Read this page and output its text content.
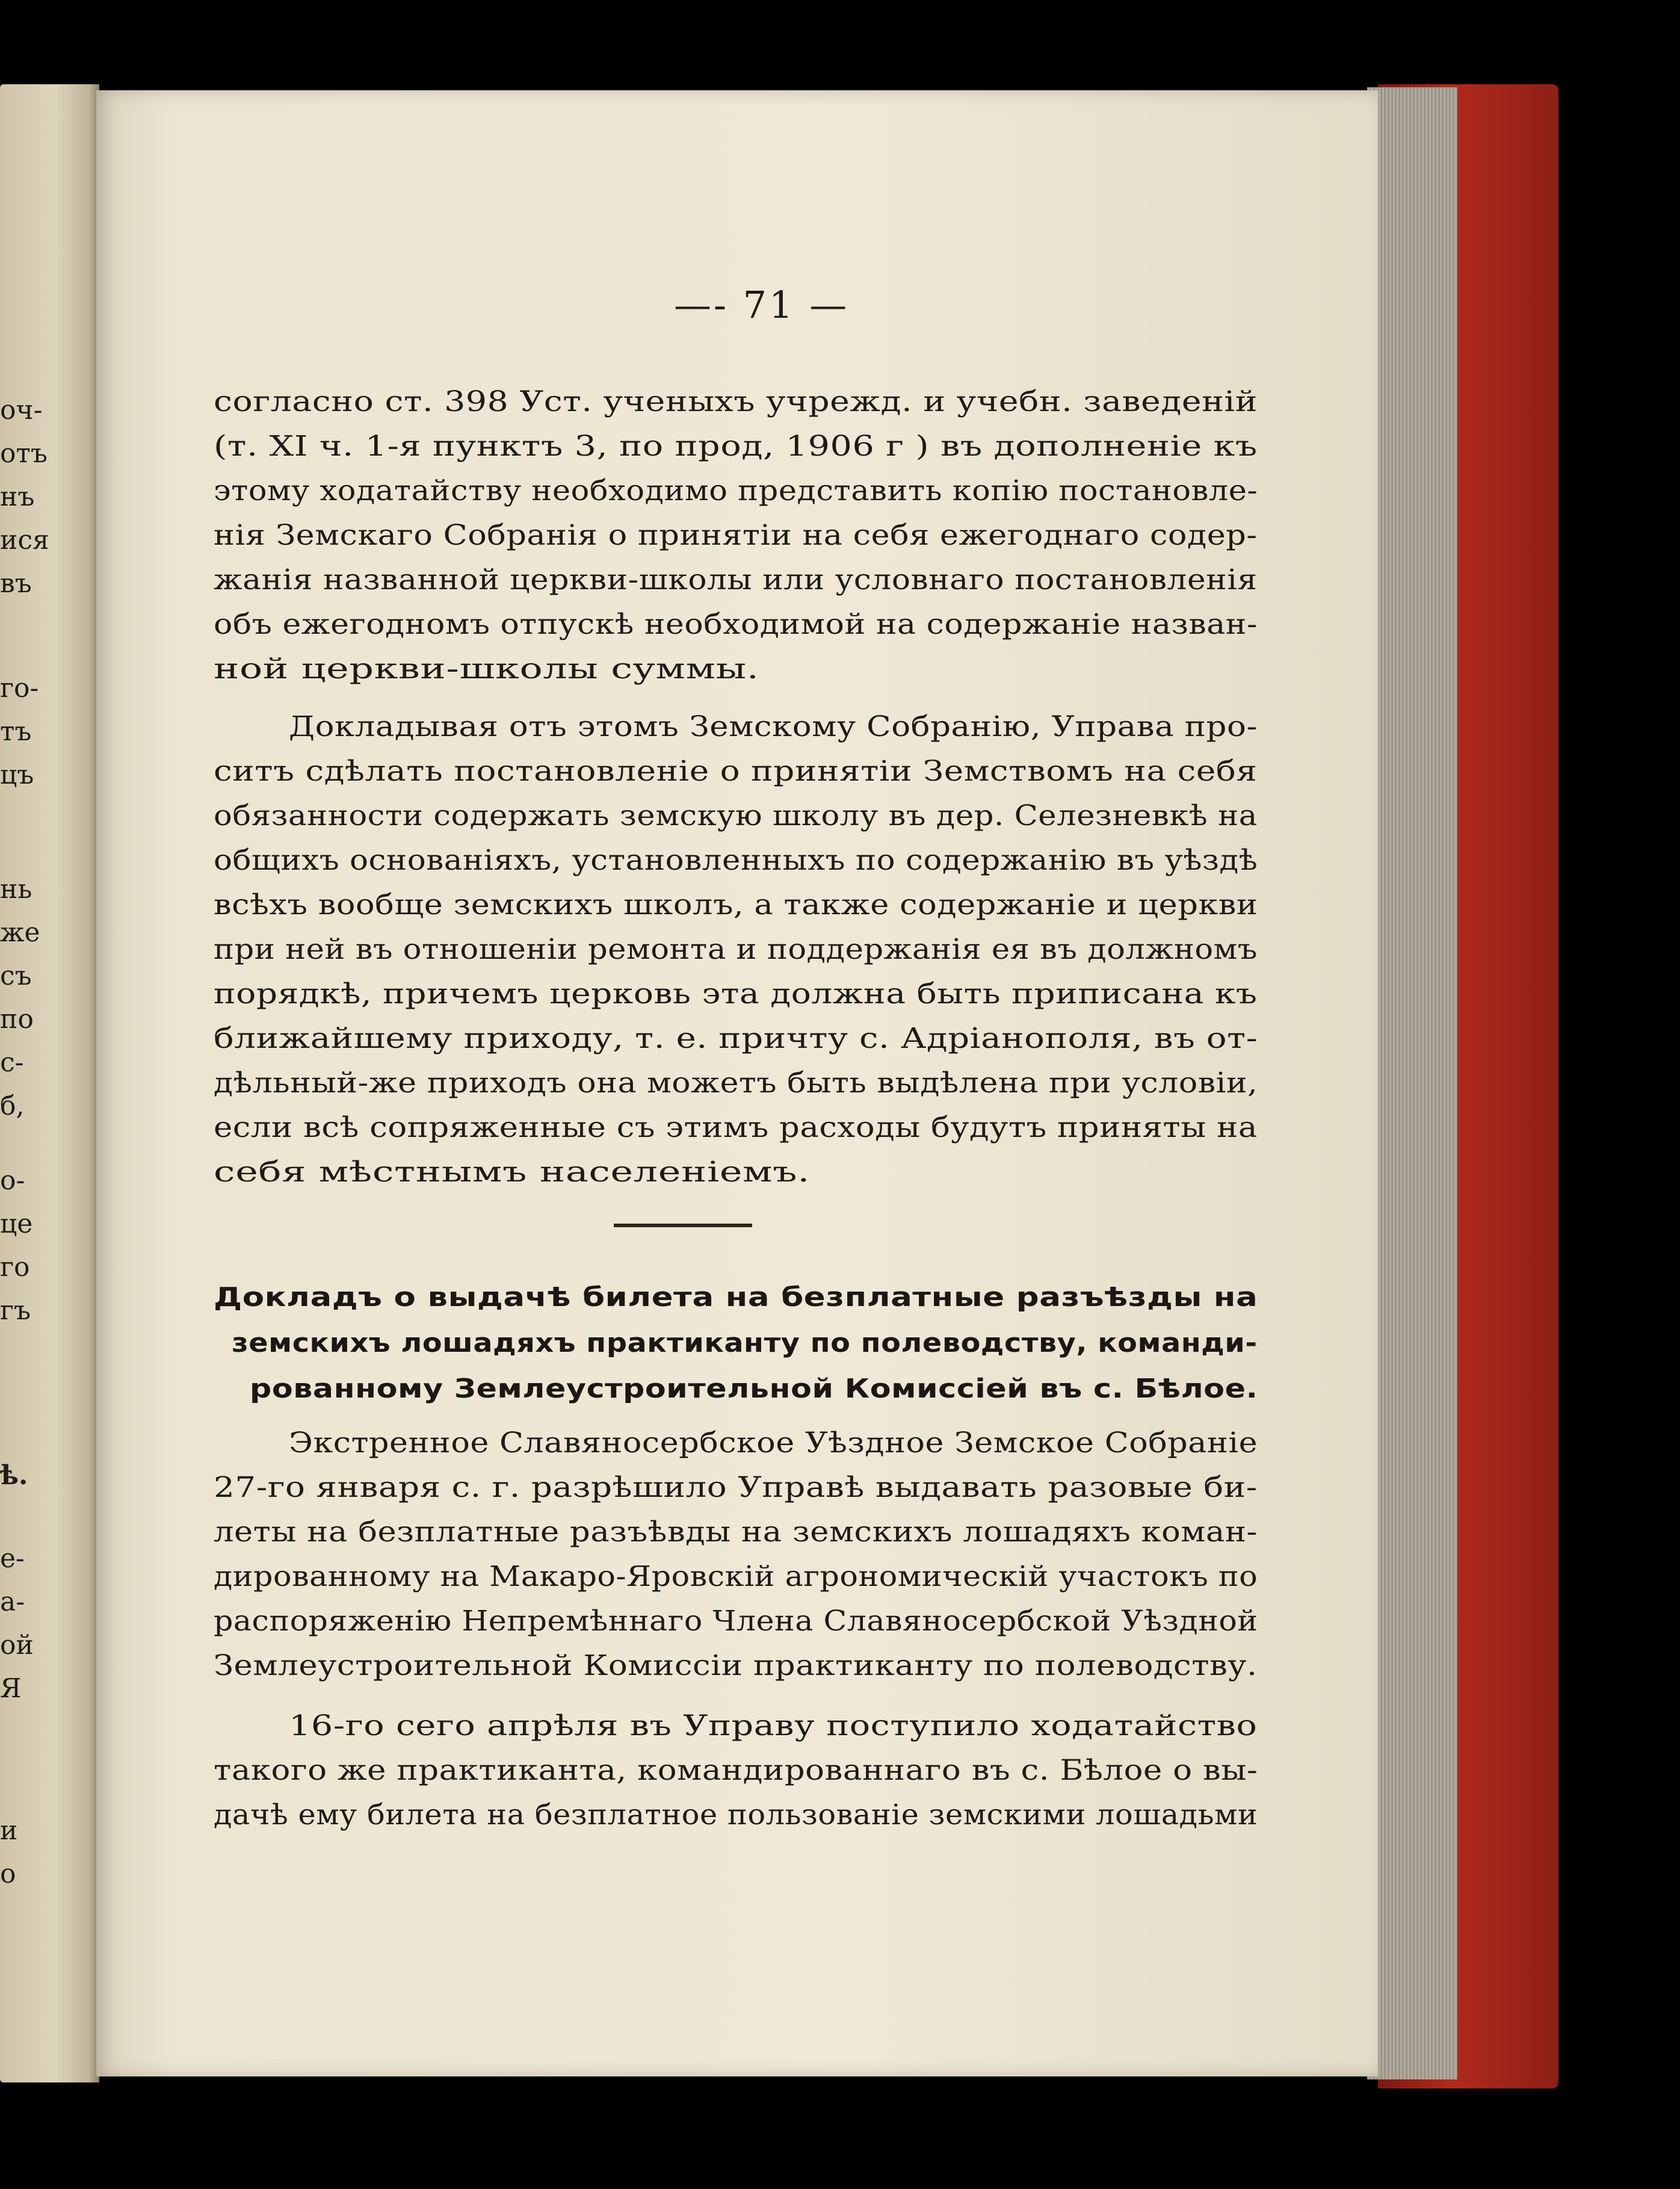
оч-
отъ
нъ
ися
въ
го-
тъ
цъ
нь
же
съ
по
с-
б,
о-
це
го
гъ
ѣ.
е-
а-
ой
Я
и
о
—- 71 —
согласно ст. 398 Уст. ученыхъ учрежд. и учебн. заведеній
(т. XI ч. 1-я пунктъ 3, по прод, 1906 г ) въ дополненіе къ
этому ходатайству необходимо представить копію постановле-
нія Земскаго Собранія о принятіи на себя ежегоднаго содер-
жанія названной церкви-школы или условнаго постановленія
объ ежегодномъ отпускѣ необходимой на содержаніе назван-
ной церкви-школы суммы.
Докладывая отъ этомъ Земскому Собранію, Управа про-
ситъ сдѣлать постановленіе о принятіи Земствомъ на себя
обязанности содержать земскую школу въ дер. Селезневкѣ на
общихъ основаніяхъ, установленныхъ по содержанію въ уѣздѣ
всѣхъ вообще земскихъ школъ, а также содержаніе и церкви
при ней въ отношеніи ремонта и поддержанія ея въ должномъ
порядкѣ, причемъ церковь эта должна быть приписана къ
ближайшему приходу, т. е. причту с. Адріанополя, въ от-
дѣльный-же приходъ она можетъ быть выдѣлена при условіи,
если всѣ сопряженные съ этимъ расходы будутъ приняты на
себя мѣстнымъ населеніемъ.
Докладъ о выдачѣ билета на безплатные разъѣзды на
земскихъ лошадяхъ практиканту по полеводству, команди-
рованному Землеустроительной Комиссіей въ с. Бѣлое.
Экстренное Славяносербское Уѣздное Земское Собраніе
27-го января с. г. разрѣшило Управѣ выдавать разовые би-
леты на безплатные разъѣвды на земскихъ лошадяхъ коман-
дированному на Макаро-Яровскій агрономическій участокъ по
распоряженію Непремѣннаго Члена Славяносербской Уѣздной
Землеустроительной Комиссіи практиканту по полеводству.
16-го сего апрѣля въ Управу поступило ходатайство
такого же практиканта, командированнаго въ с. Бѣлое о вы-
дачѣ ему билета на безплатное пользованіе земскими лошадьми
